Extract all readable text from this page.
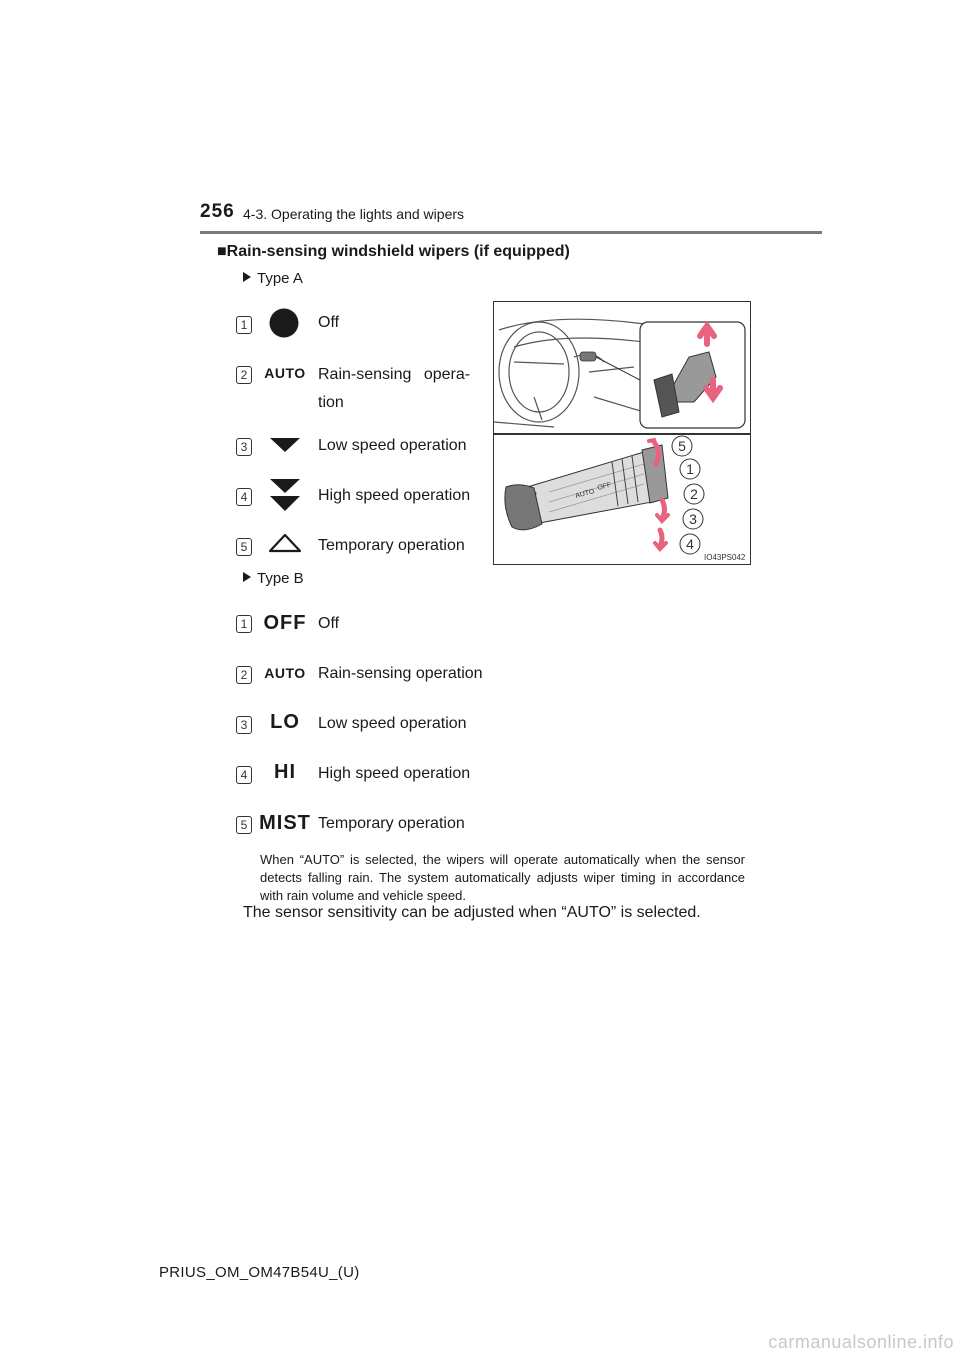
256 4-3. Operating the lights and wipers
■Rain-sensing windshield wipers (if equipped)
Type A
1	Off
2	AUTO Rain-sensing opera-
tion
3	Low speed operation
4	High speed operation
5	Temporary operation
AUTO
OFF
5
1
2
3
4
IO43PS042
Type B
1 OFF Off
2	AUTO Rain-sensing operation
3	LO	Low speed operation
4	HI	High speed operation
5 MIST Temporary operation
When “AUTO” is selected, the wipers will operate automatically when the sensor detects falling rain. The system automatically adjusts wiper timing in accordance with rain volume and vehicle speed.
The sensor sensitivity can be adjusted when “AUTO” is selected.
PRIUS_OM_OM47B54U_(U)
carmanualsonline.info
